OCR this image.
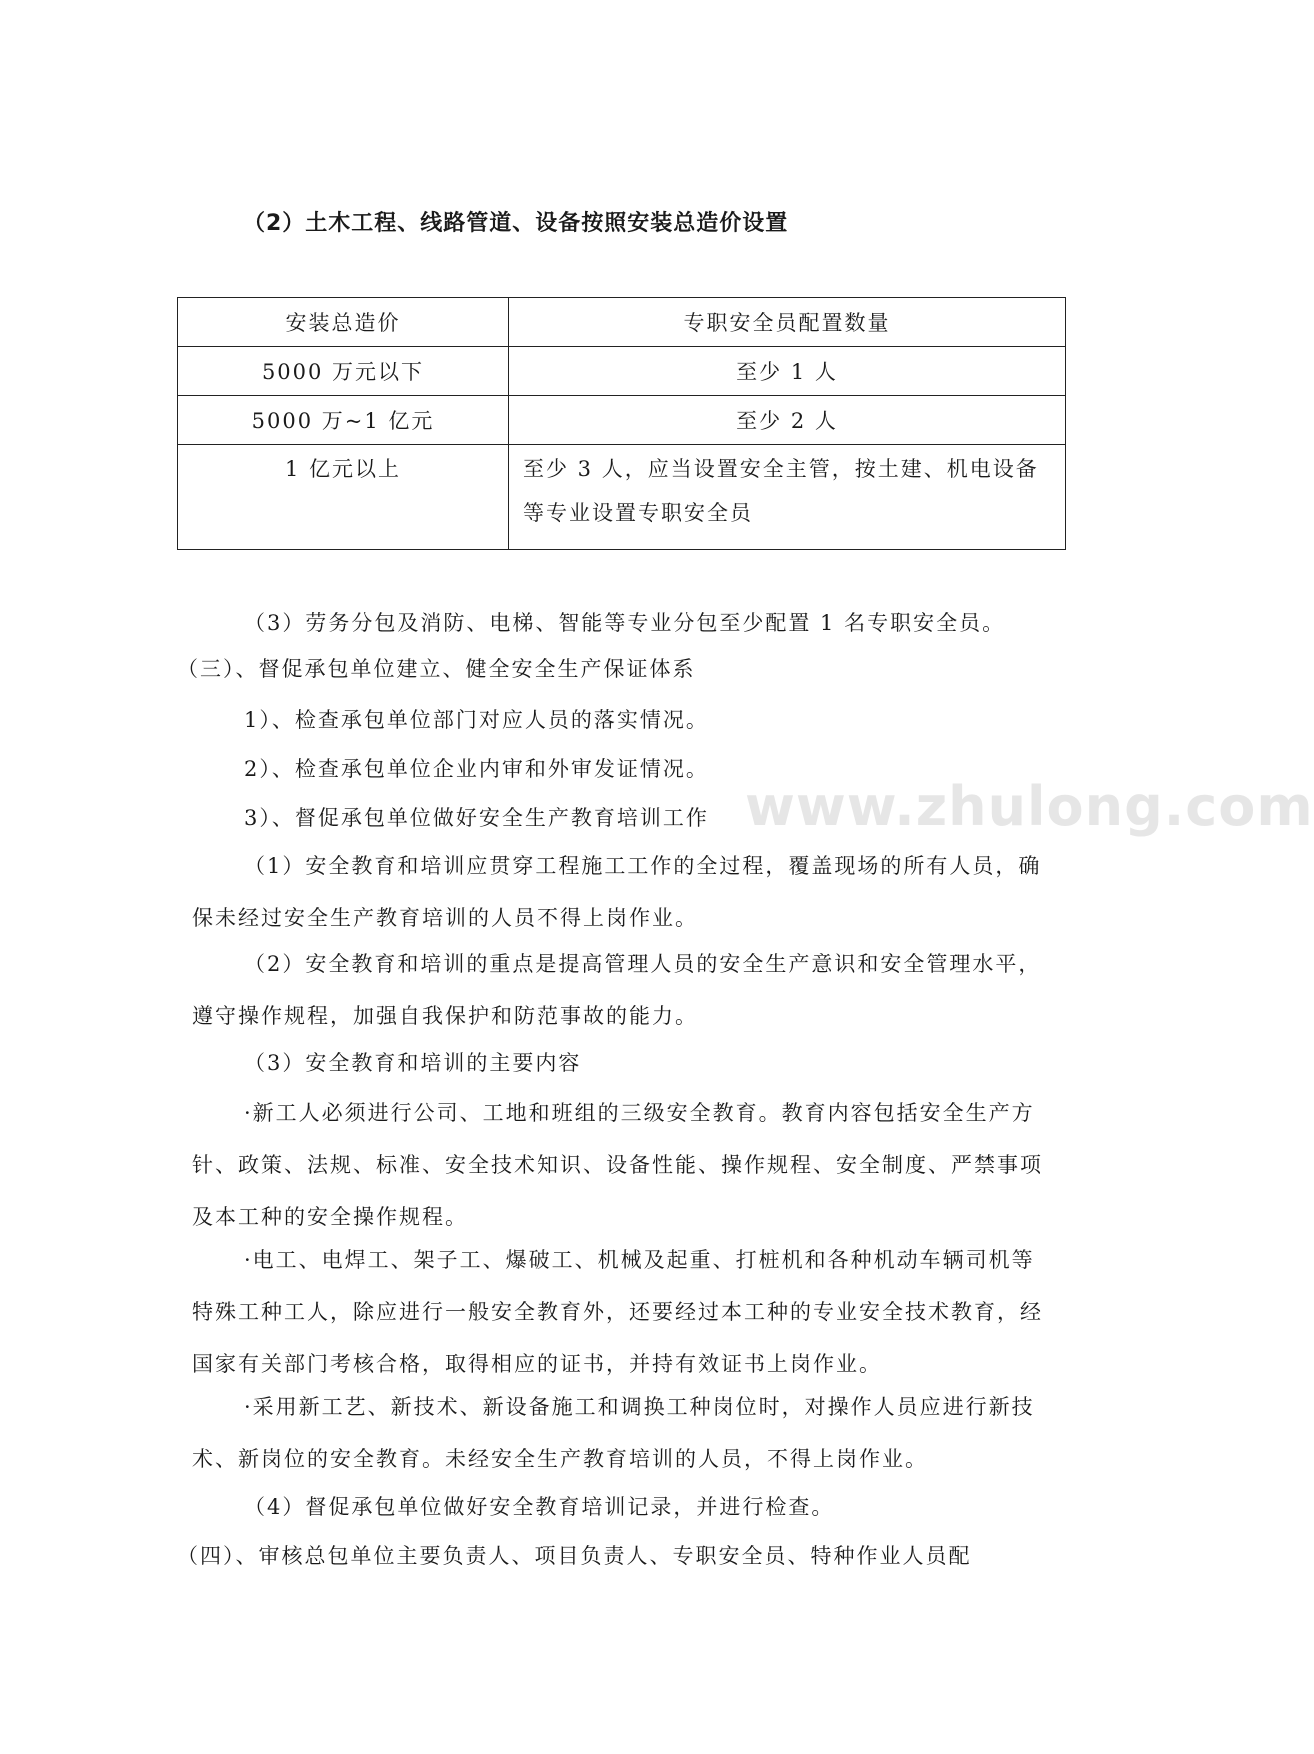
（2）土木工程、线路管道、设备按照安装总造价设置
安装总造价	专职安全员配置数量
5000 万元以下	至少 1 人
5000 万~1 亿元	至少 2 人
1 亿元以上	至少 3 人，应当设置安全主管，按土建、机电设备等专业设置专职安全员

（3）劳务分包及消防、电梯、智能等专业分包至少配置 1 名专职安全员。

（三）、督促承包单位建立、健全安全生产保证体系

1）、检查承包单位部门对应人员的落实情况。

2）、检查承包单位企业内审和外审发证情况。

3）、督促承包单位做好安全生产教育培训工作

（1）安全教育和培训应贯穿工程施工工作的全过程，覆盖现场的所有人员，确保未经过安全生产教育培训的人员不得上岗作业。

（2）安全教育和培训的重点是提高管理人员的安全生产意识和安全管理水平，遵守操作规程，加强自我保护和防范事故的能力。

（3）安全教育和培训的主要内容

·新工人必须进行公司、工地和班组的三级安全教育。教育内容包括安全生产方针、政策、法规、标准、安全技术知识、设备性能、操作规程、安全制度、严禁事项及本工种的安全操作规程。

·电工、电焊工、架子工、爆破工、机械及起重、打桩机和各种机动车辆司机等特殊工种工人，除应进行一般安全教育外，还要经过本工种的专业安全技术教育，经国家有关部门考核合格，取得相应的证书，并持有效证书上岗作业。

·采用新工艺、新技术、新设备施工和调换工种岗位时，对操作人员应进行新技术、新岗位的安全教育。未经安全生产教育培训的人员，不得上岗作业。

（4）督促承包单位做好安全教育培训记录，并进行检查。

（四）、审核总包单位主要负责人、项目负责人、专职安全员、特种作业人员配

www.zhulong.com
